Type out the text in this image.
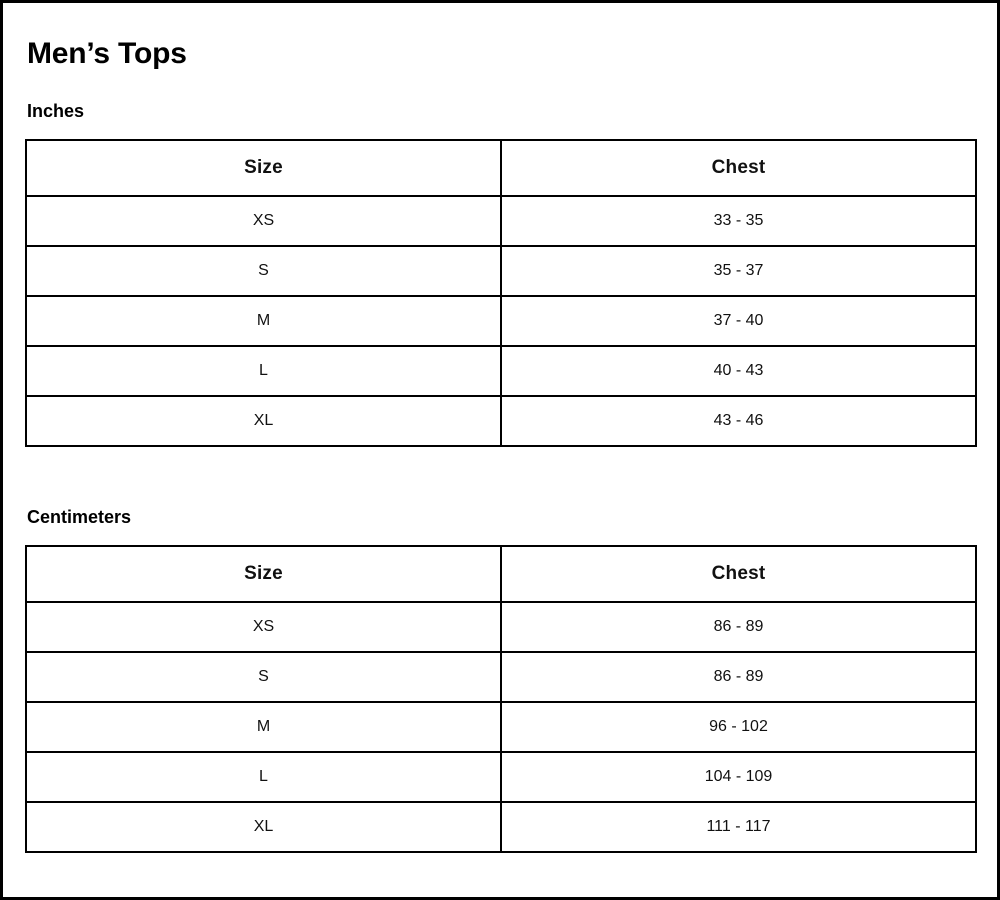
Men’s Tops
Inches
Size	Chest
XS	33 - 35
S	35 - 37
M	37 - 40
L	40 - 43
XL	43 - 46
Centimeters
Size	Chest
XS	86 - 89
S	86 - 89
M	96 - 102
L	104 - 109
XL	111 - 117
